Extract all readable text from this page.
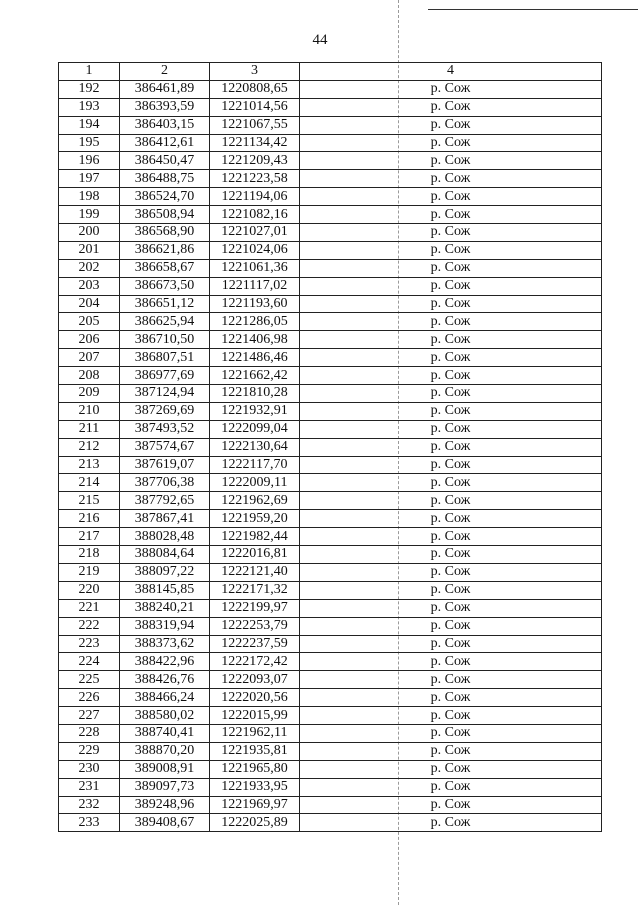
44
1	2	3	4
192	386461,89	1220808,65	р. Сож
193	386393,59	1221014,56	р. Сож
194	386403,15	1221067,55	р. Сож
195	386412,61	1221134,42	р. Сож
196	386450,47	1221209,43	р. Сож
197	386488,75	1221223,58	р. Сож
198	386524,70	1221194,06	р. Сож
199	386508,94	1221082,16	р. Сож
200	386568,90	1221027,01	р. Сож
201	386621,86	1221024,06	р. Сож
202	386658,67	1221061,36	р. Сож
203	386673,50	1221117,02	р. Сож
204	386651,12	1221193,60	р. Сож
205	386625,94	1221286,05	р. Сож
206	386710,50	1221406,98	р. Сож
207	386807,51	1221486,46	р. Сож
208	386977,69	1221662,42	р. Сож
209	387124,94	1221810,28	р. Сож
210	387269,69	1221932,91	р. Сож
211	387493,52	1222099,04	р. Сож
212	387574,67	1222130,64	р. Сож
213	387619,07	1222117,70	р. Сож
214	387706,38	1222009,11	р. Сож
215	387792,65	1221962,69	р. Сож
216	387867,41	1221959,20	р. Сож
217	388028,48	1221982,44	р. Сож
218	388084,64	1222016,81	р. Сож
219	388097,22	1222121,40	р. Сож
220	388145,85	1222171,32	р. Сож
221	388240,21	1222199,97	р. Сож
222	388319,94	1222253,79	р. Сож
223	388373,62	1222237,59	р. Сож
224	388422,96	1222172,42	р. Сож
225	388426,76	1222093,07	р. Сож
226	388466,24	1222020,56	р. Сож
227	388580,02	1222015,99	р. Сож
228	388740,41	1221962,11	р. Сож
229	388870,20	1221935,81	р. Сож
230	389008,91	1221965,80	р. Сож
231	389097,73	1221933,95	р. Сож
232	389248,96	1221969,97	р. Сож
233	389408,67	1222025,89	р. Сож
